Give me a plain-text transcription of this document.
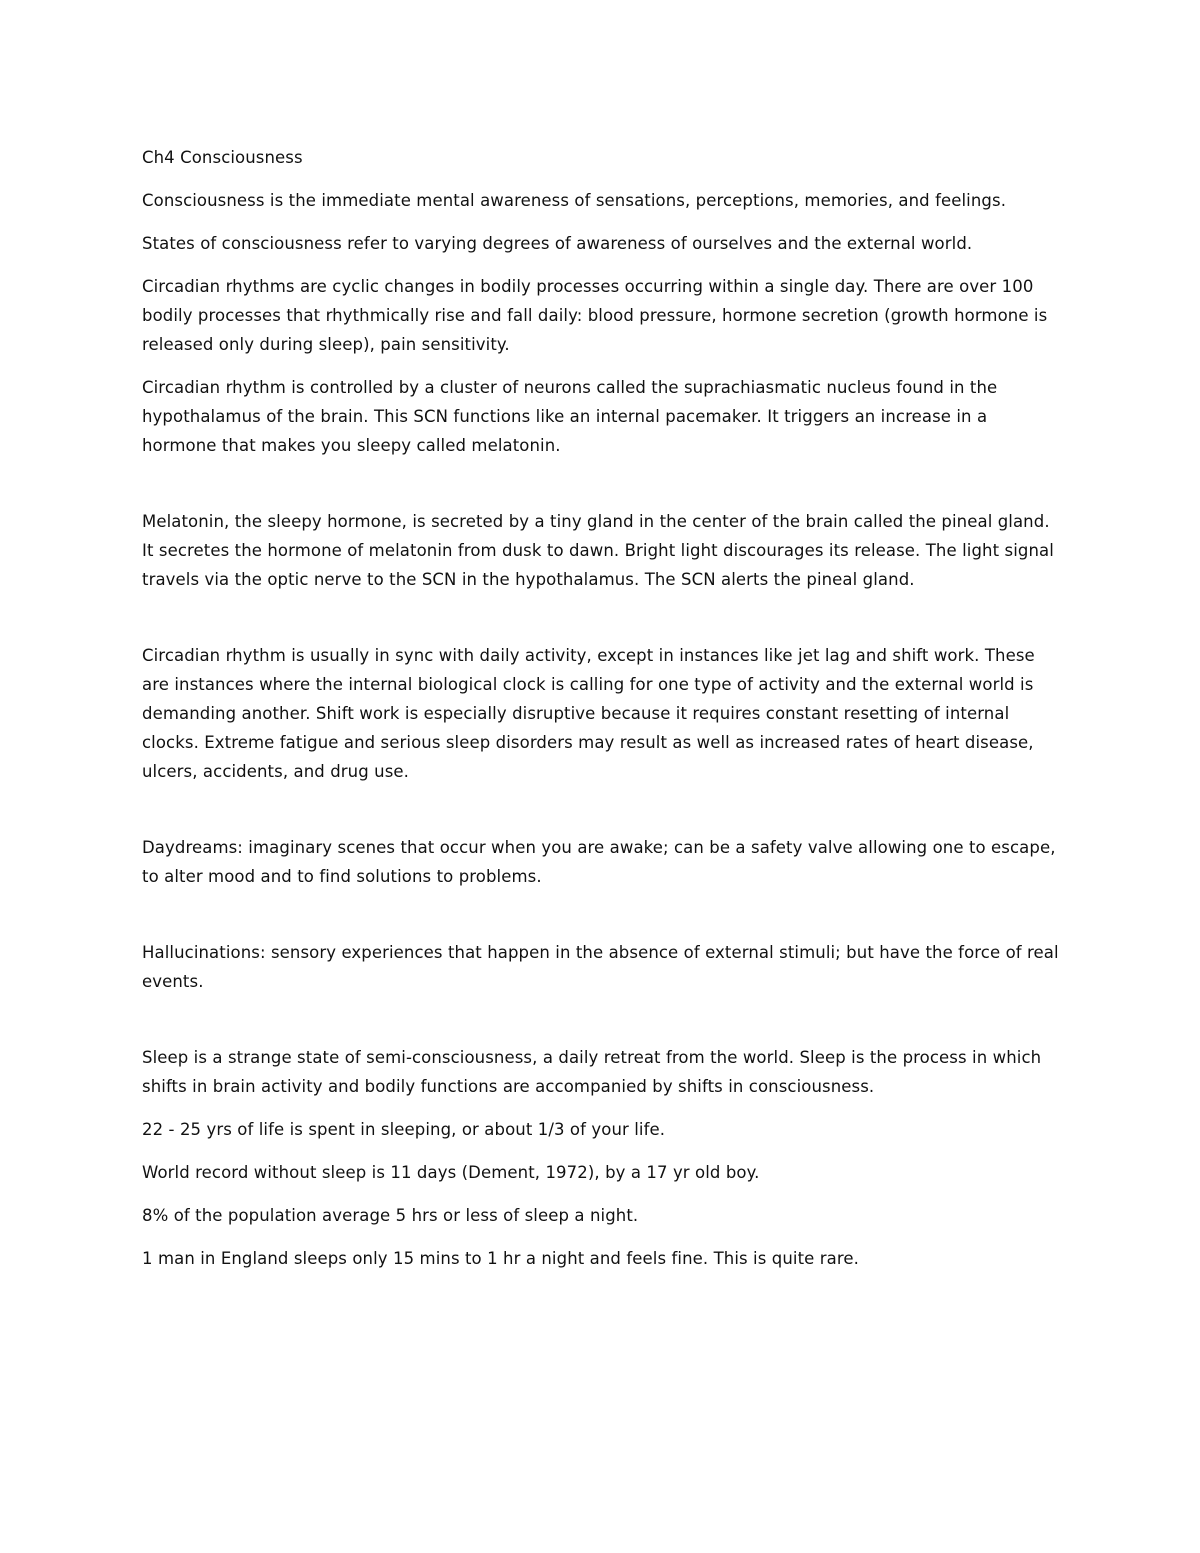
Ch4 Consciousness

Consciousness is the immediate mental awareness of sensations, perceptions, memories, and feelings.

States of consciousness refer to varying degrees of awareness of ourselves and the external world.

Circadian rhythms are cyclic changes in bodily processes occurring within a single day. There are over 100 bodily processes that rhythmically rise and fall daily: blood pressure, hormone secretion (growth hormone is released only during sleep), pain sensitivity.

Circadian rhythm is controlled by a cluster of neurons called the suprachiasmatic nucleus found in the hypothalamus of the brain. This SCN functions like an internal pacemaker. It triggers an increase in a hormone that makes you sleepy called melatonin.

Melatonin, the sleepy hormone, is secreted by a tiny gland in the center of the brain called the pineal gland. It secretes the hormone of melatonin from dusk to dawn. Bright light discourages its release. The light signal travels via the optic nerve to the SCN in the hypothalamus. The SCN alerts the pineal gland.

Circadian rhythm is usually in sync with daily activity, except in instances like jet lag and shift work. These are instances where the internal biological clock is calling for one type of activity and the external world is demanding another. Shift work is especially disruptive because it requires constant resetting of internal clocks. Extreme fatigue and serious sleep disorders may result as well as increased rates of heart disease, ulcers, accidents, and drug use.

Daydreams: imaginary scenes that occur when you are awake; can be a safety valve allowing one to escape, to alter mood and to find solutions to problems.

Hallucinations: sensory experiences that happen in the absence of external stimuli; but have the force of real events.

Sleep is a strange state of semi-consciousness, a daily retreat from the world. Sleep is the process in which shifts in brain activity and bodily functions are accompanied by shifts in consciousness.

22 - 25 yrs of life is spent in sleeping, or about 1/3 of your life.

World record without sleep is 11 days (Dement, 1972), by a 17 yr old boy.

8% of the population average 5 hrs or less of sleep a night.

1 man in England sleeps only 15 mins to 1 hr a night and feels fine. This is quite rare.
